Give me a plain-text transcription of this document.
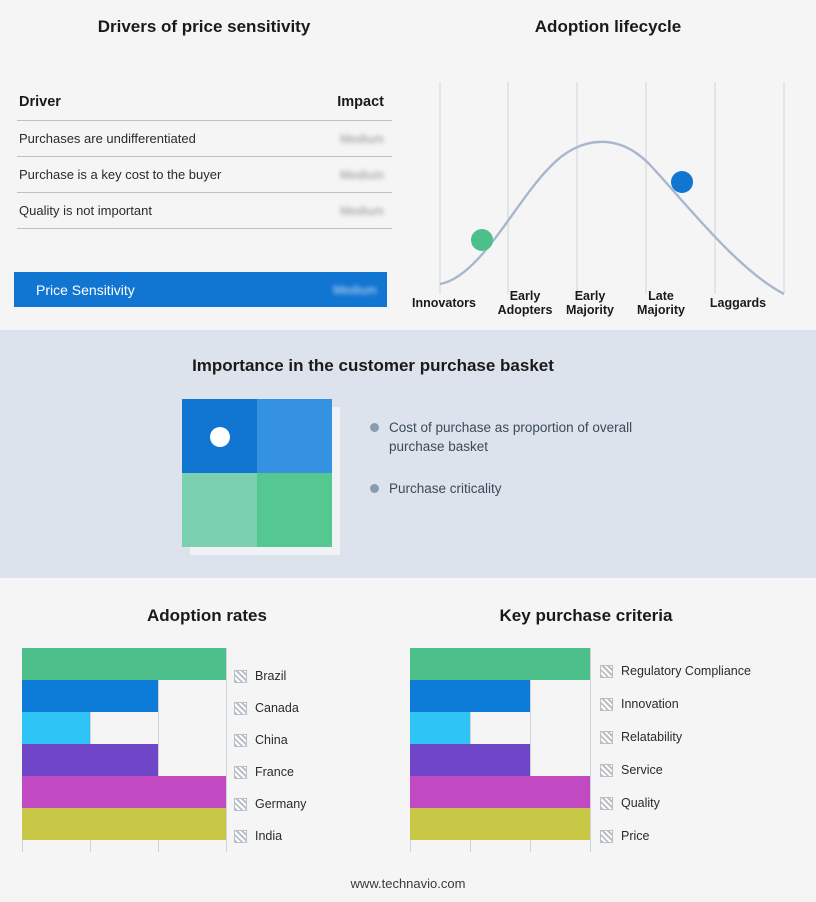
Drivers of price sensitivity
Driver	Impact
Purchases are undifferentiated	Medium
Purchase is a key cost to the buyer	Medium
Quality is not important	Medium
Price Sensitivity	Medium
Adoption lifecycle
Innovators	Early
Adopters
Early
Majority
Late
Majority	Laggards
Importance in the customer purchase basket
Cost of purchase as proportion of overall purchase basket
Purchase criticality
Adoption rates
Brazil
Canada
China
France
Germany
India
Key purchase criteria
Regulatory Compliance
Innovation
Relatability
Service
Quality
Price
www.technavio.com
